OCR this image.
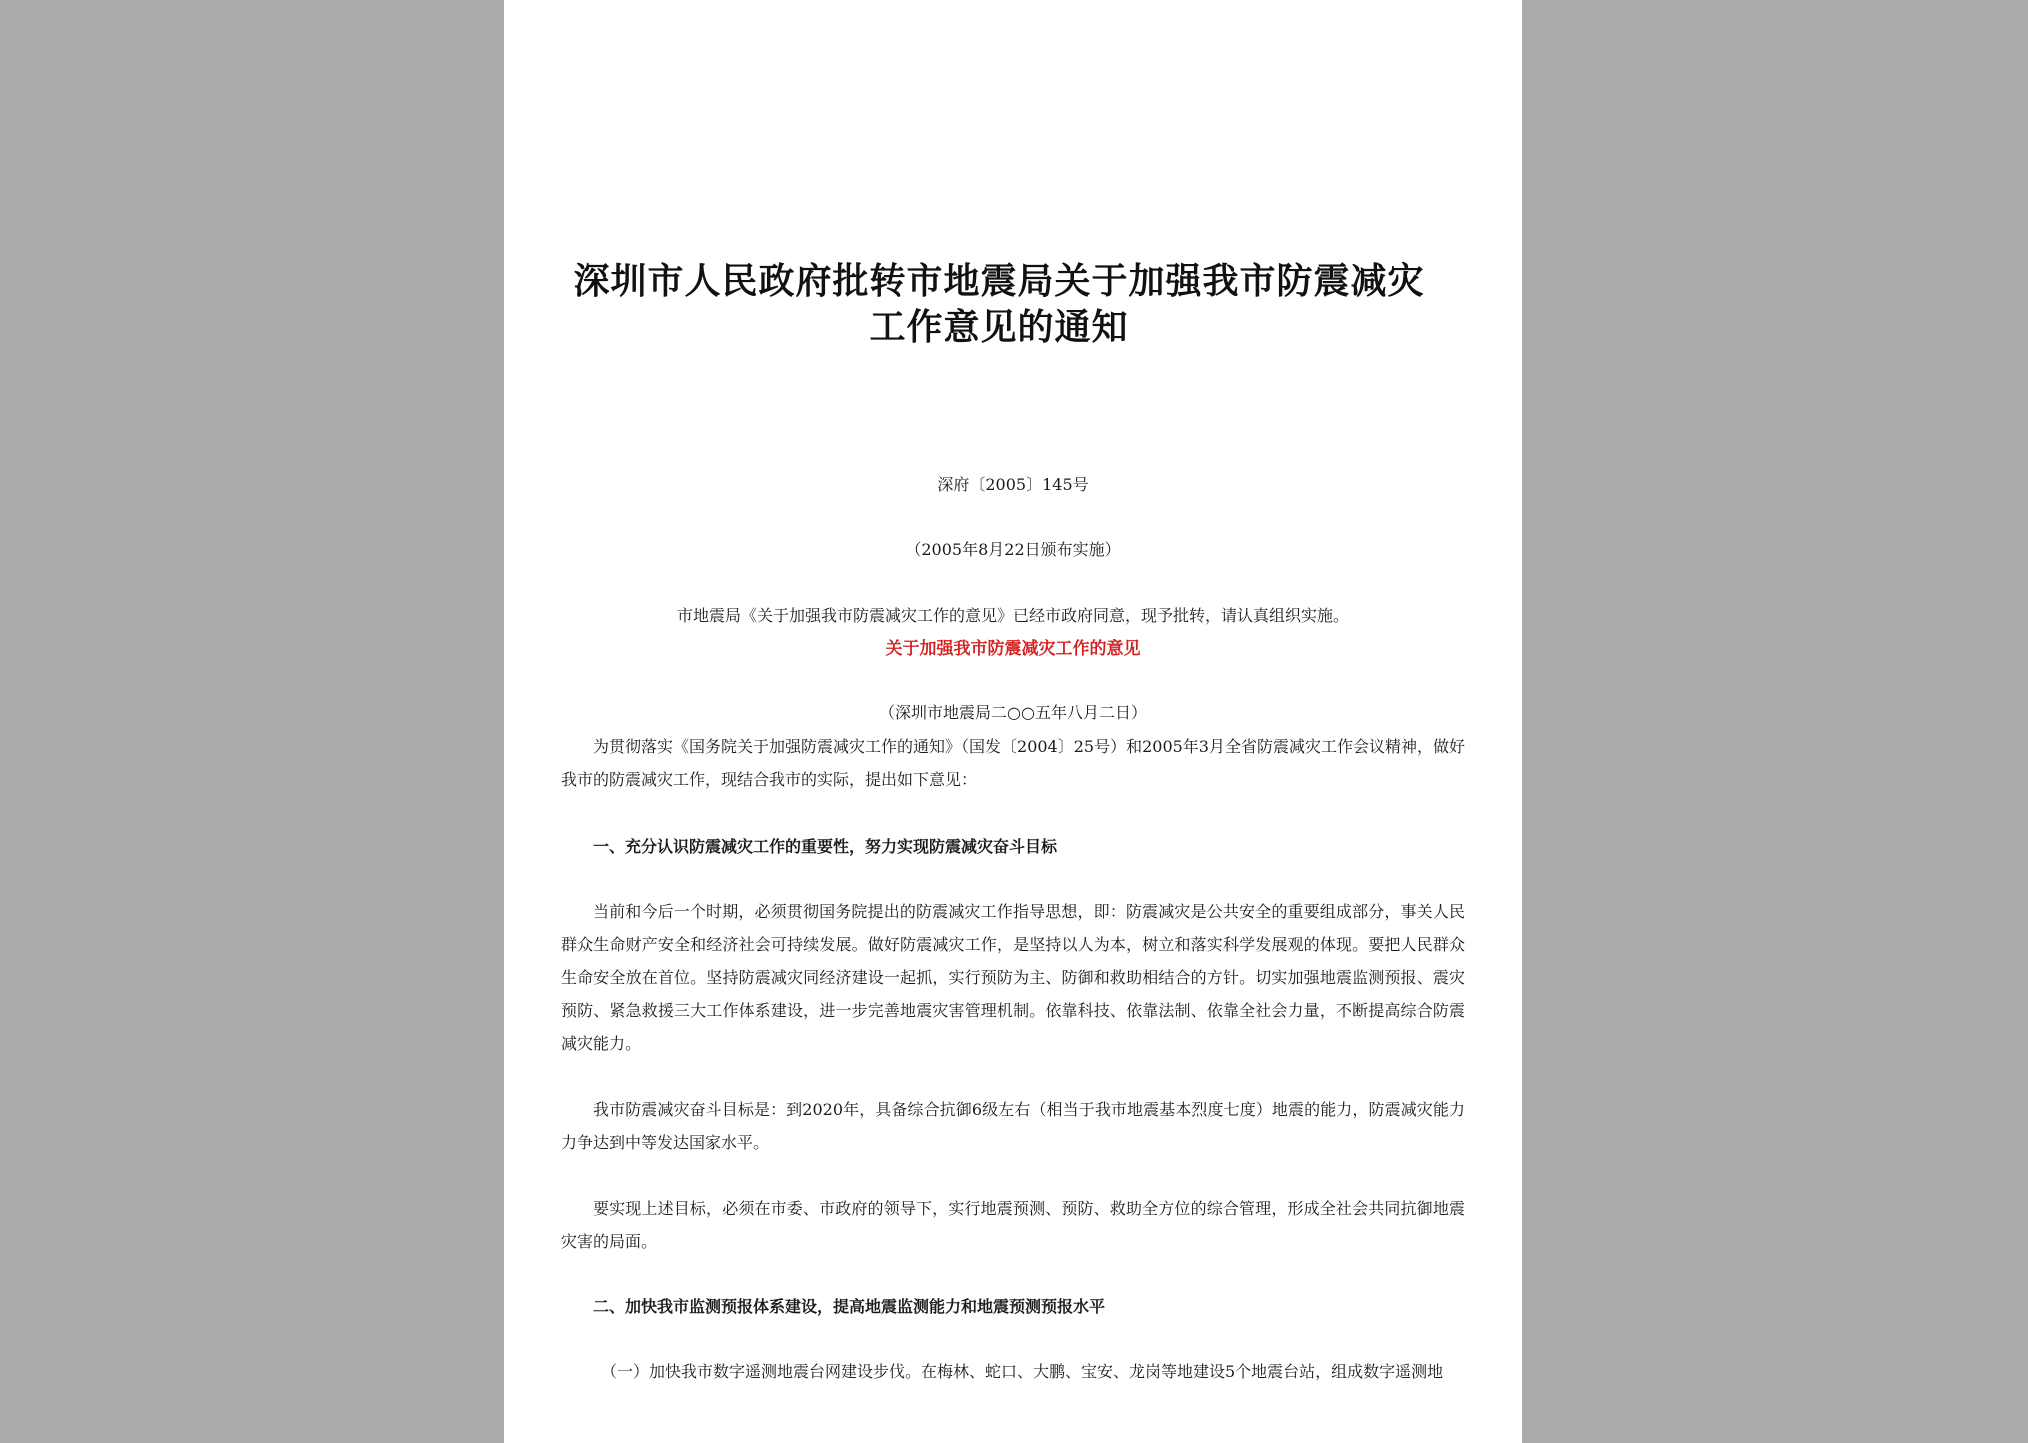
深圳市人民政府批转市地震局关于加强我市防震减灾工作意见的通知
深府〔2005〕145号
（2005年8月22日颁布实施）
市地震局《关于加强我市防震减灾工作的意见》已经市政府同意，现予批转，请认真组织实施。
关于加强我市防震减灾工作的意见
（深圳市地震局二○○五年八月二日）
为贯彻落实《国务院关于加强防震减灾工作的通知》（国发〔2004〕25号）和2005年3月全省防震减灾工作会议精神，做好我市的防震减灾工作，现结合我市的实际，提出如下意见：
一、充分认识防震减灾工作的重要性，努力实现防震减灾奋斗目标
当前和今后一个时期，必须贯彻国务院提出的防震减灾工作指导思想，即：防震减灾是公共安全的重要组成部分，事关人民群众生命财产安全和经济社会可持续发展。做好防震减灾工作，是坚持以人为本，树立和落实科学发展观的体现。要把人民群众生命安全放在首位。坚持防震减灾同经济建设一起抓，实行预防为主、防御和救助相结合的方针。切实加强地震监测预报、震灾预防、紧急救援三大工作体系建设，进一步完善地震灾害管理机制。依靠科技、依靠法制、依靠全社会力量，不断提高综合防震减灾能力。
我市防震减灾奋斗目标是：到2020年，具备综合抗御6级左右（相当于我市地震基本烈度七度）地震的能力，防震减灾能力力争达到中等发达国家水平。
要实现上述目标，必须在市委、市政府的领导下，实行地震预测、预防、救助全方位的综合管理，形成全社会共同抗御地震灾害的局面。
二、加快我市监测预报体系建设，提高地震监测能力和地震预测预报水平
（一）加快我市数字遥测地震台网建设步伐。在梅林、蛇口、大鹏、宝安、龙岗等地建设5个地震台站，组成数字遥测地
